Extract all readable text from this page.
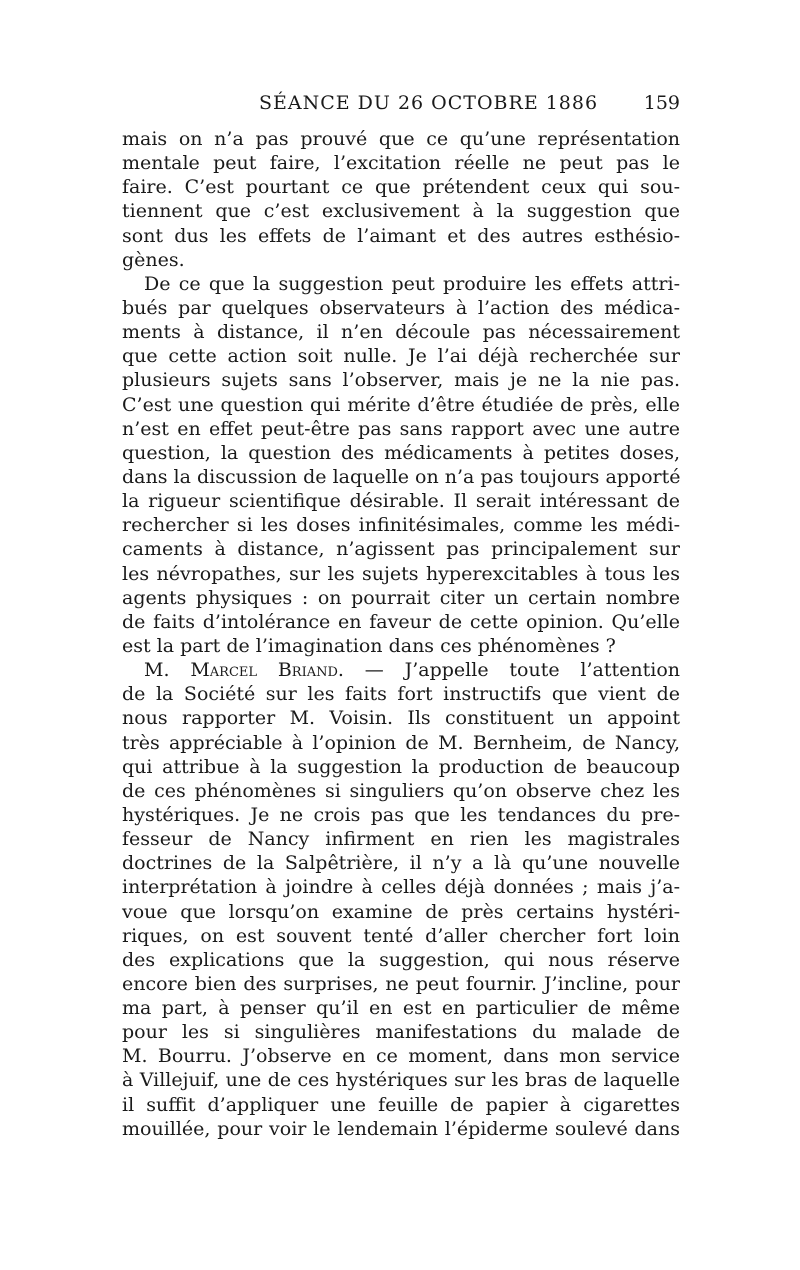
SÉANCE DU 26 OCTOBRE 1886 159
mais on n’a pas prouvé que ce qu’une représentation
mentale peut faire, l’excitation réelle ne peut pas le
faire. C’est pourtant ce que prétendent ceux qui sou-
tiennent que c’est exclusivement à la suggestion que
sont dus les effets de l’aimant et des autres esthésio-
gènes.
De ce que la suggestion peut produire les effets attri-
bués par quelques observateurs à l’action des médica-
ments à distance, il n’en découle pas nécessairement
que cette action soit nulle. Je l’ai déjà recherchée sur
plusieurs sujets sans l’observer, mais je ne la nie pas.
C’est une question qui mérite d’être étudiée de près, elle
n’est en effet peut-être pas sans rapport avec une autre
question, la question des médicaments à petites doses,
dans la discussion de laquelle on n’a pas toujours apporté
la rigueur scientifique désirable. Il serait intéressant de
rechercher si les doses infinitésimales, comme les médi-
caments à distance, n’agissent pas principalement sur
les névropathes, sur les sujets hyperexcitables à tous les
agents physiques : on pourrait citer un certain nombre
de faits d’intolérance en faveur de cette opinion. Qu’elle
est la part de l’imagination dans ces phénomènes ?
M. Marcel Briand. — J’appelle toute l’attention
de la Société sur les faits fort instructifs que vient de
nous rapporter M. Voisin. Ils constituent un appoint
très appréciable à l’opinion de M. Bernheim, de Nancy,
qui attribue à la suggestion la production de beaucoup
de ces phénomènes si singuliers qu’on observe chez les
hystériques. Je ne crois pas que les tendances du pre-
fesseur de Nancy infirment en rien les magistrales
doctrines de la Salpêtrière, il n’y a là qu’une nouvelle
interprétation à joindre à celles déjà données ; mais j’a-
voue que lorsqu’on examine de près certains hystéri-
riques, on est souvent tenté d’aller chercher fort loin
des explications que la suggestion, qui nous réserve
encore bien des surprises, ne peut fournir. J’incline, pour
ma part, à penser qu’il en est en particulier de même
pour les si singulières manifestations du malade de
M. Bourru. J’observe en ce moment, dans mon service
à Villejuif, une de ces hystériques sur les bras de laquelle
il suffit d’appliquer une feuille de papier à cigarettes
mouillée, pour voir le lendemain l’épiderme soulevé dans
